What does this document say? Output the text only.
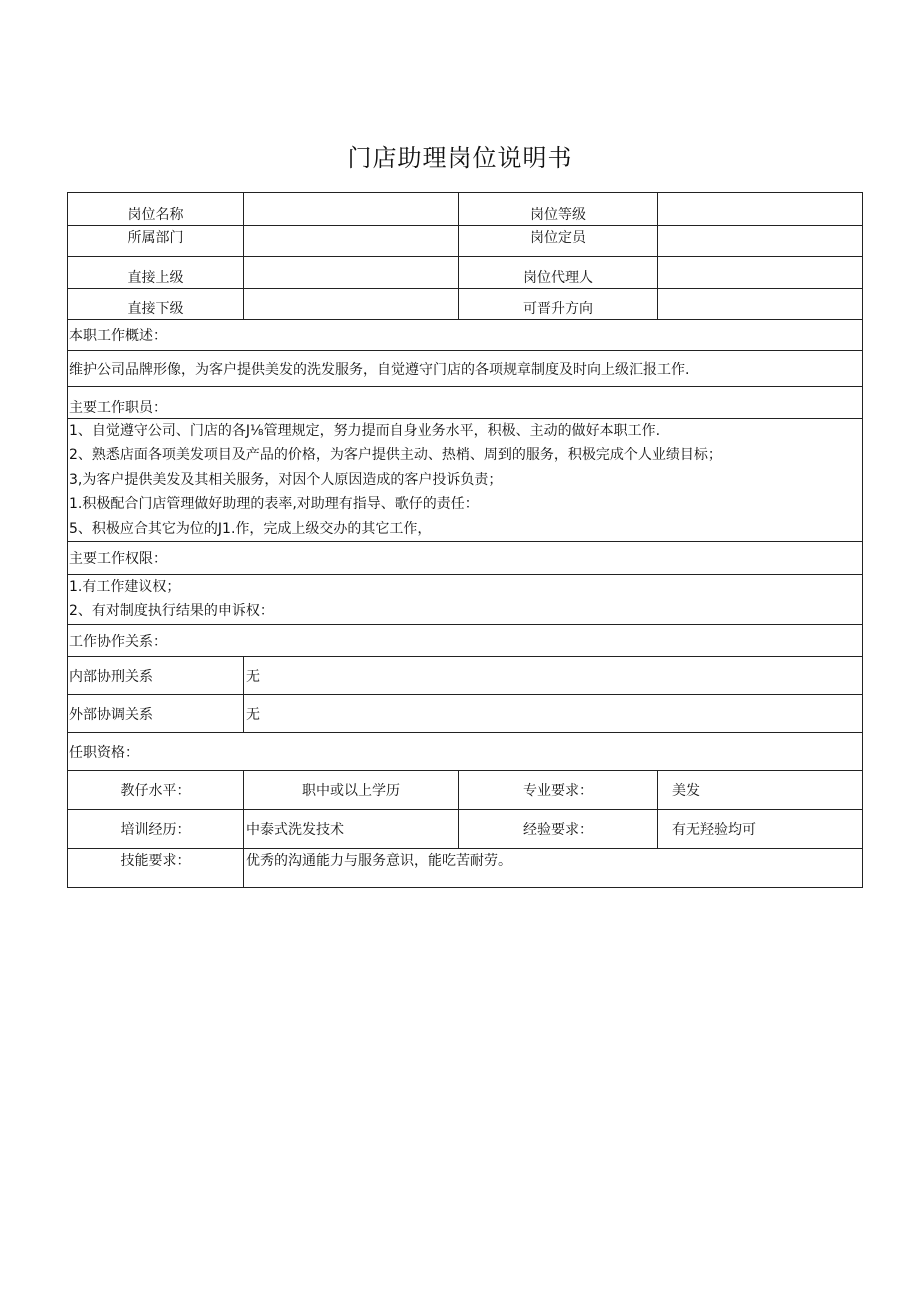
门店助理岗位说明书
岗位名称		岗位等级	
所属部门		岗位定员	
直接上级		岗位代理人	
直接下级		可晋升方向	
本职工作概述：			
维护公司品牌形像，为客户提供美发的洗发服务，自觉遵守门店的各项规章制度及时向上级汇报工作.			
主要工作职员：			

1、自觉遵守公司、门店的各J⅛管理规定，努力提而自身业务水平，积极、主动的做好本职工作.
2、熟悉店面各项美发项目及产品的价格，为客户提供主动、热梢、周到的服务，积极完成个人业绩目标；
3,为客户提供美发及其相关服务，对因个人原因造成的客户投诉负责；
1.积极配合门店管理做好助理的表率,对助理有指导、歌仔的责任：
5、积极应合其它为位的J1.作，完成上级交办的其它工作，			

主要工作权限：			

1.有工作建议权；
2、有对制度执行结果的申诉权：			

工作协作关系：			
内部协刑关系	无		
外部协调关系	无		
任职资格：			
教仔水平：	职中或以上学历	专业要求：	美发
培训经历：	中泰式洗发技术	经验要求：	有无羟验均可
技能要求：	优秀的沟通能力与服务意识，能吃苦耐劳。		
